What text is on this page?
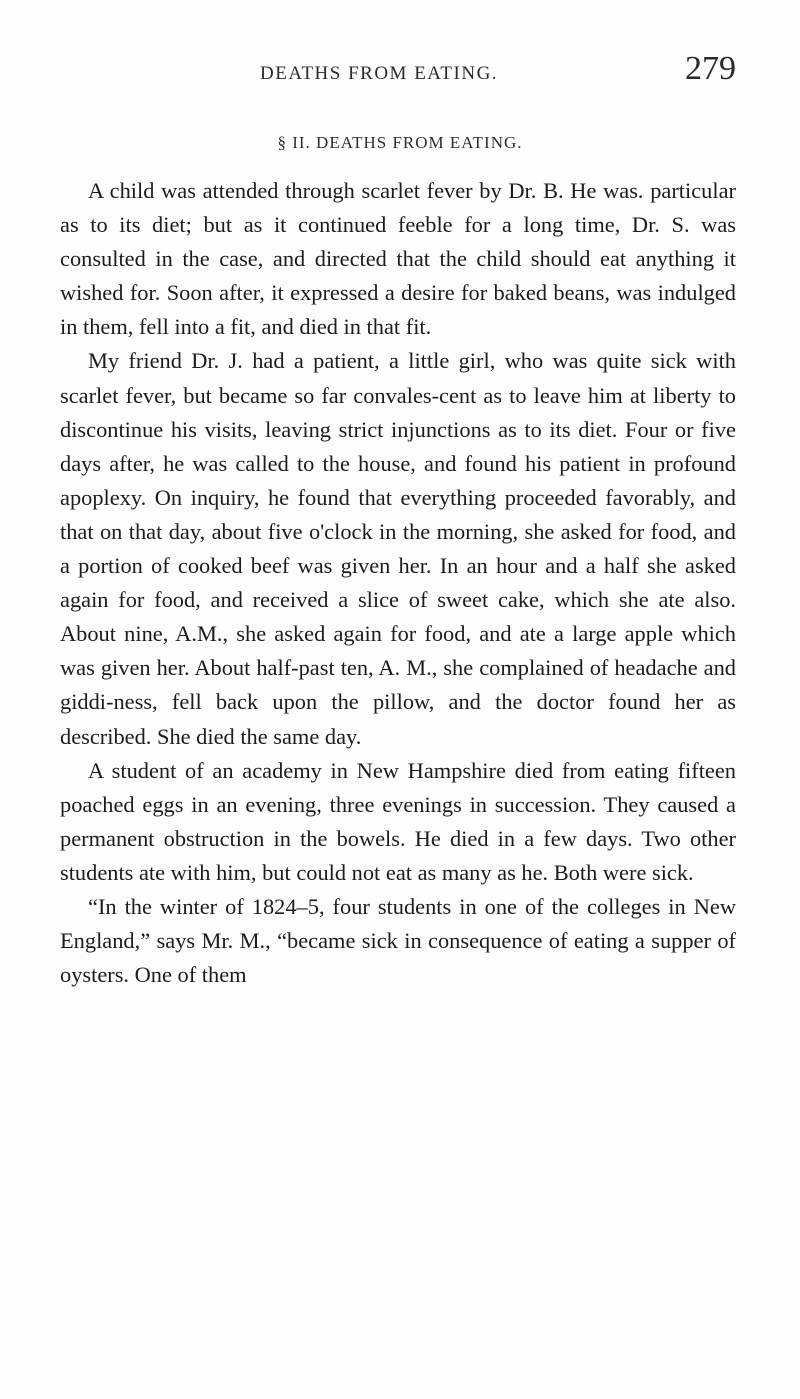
DEATHS FROM EATING.	279
§ II. DEATHS FROM EATING.

A child was attended through scarlet fever by Dr. B. He was. particular as to its diet; but as it continued feeble for a long time, Dr. S. was consulted in the case, and directed that the child should eat anything it wished for. Soon after, it expressed a desire for baked beans, was indulged in them, fell into a fit, and died in that fit.

My friend Dr. J. had a patient, a little girl, who was quite sick with scarlet fever, but became so far convales-cent as to leave him at liberty to discontinue his visits, leaving strict injunctions as to its diet. Four or five days after, he was called to the house, and found his patient in profound apoplexy. On inquiry, he found that everything proceeded favorably, and that on that day, about five o'clock in the morning, she asked for food, and a portion of cooked beef was given her. In an hour and a half she asked again for food, and received a slice of sweet cake, which she ate also. About nine, A.M., she asked again for food, and ate a large apple which was given her. About half-past ten, A. M., she complained of headache and giddi-ness, fell back upon the pillow, and the doctor found her as described. She died the same day.

A student of an academy in New Hampshire died from eating fifteen poached eggs in an evening, three evenings in succession. They caused a permanent obstruction in the bowels. He died in a few days. Two other students ate with him, but could not eat as many as he. Both were sick.

“In the winter of 1824–5, four students in one of the colleges in New England,” says Mr. M., “became sick in consequence of eating a supper of oysters. One of them
